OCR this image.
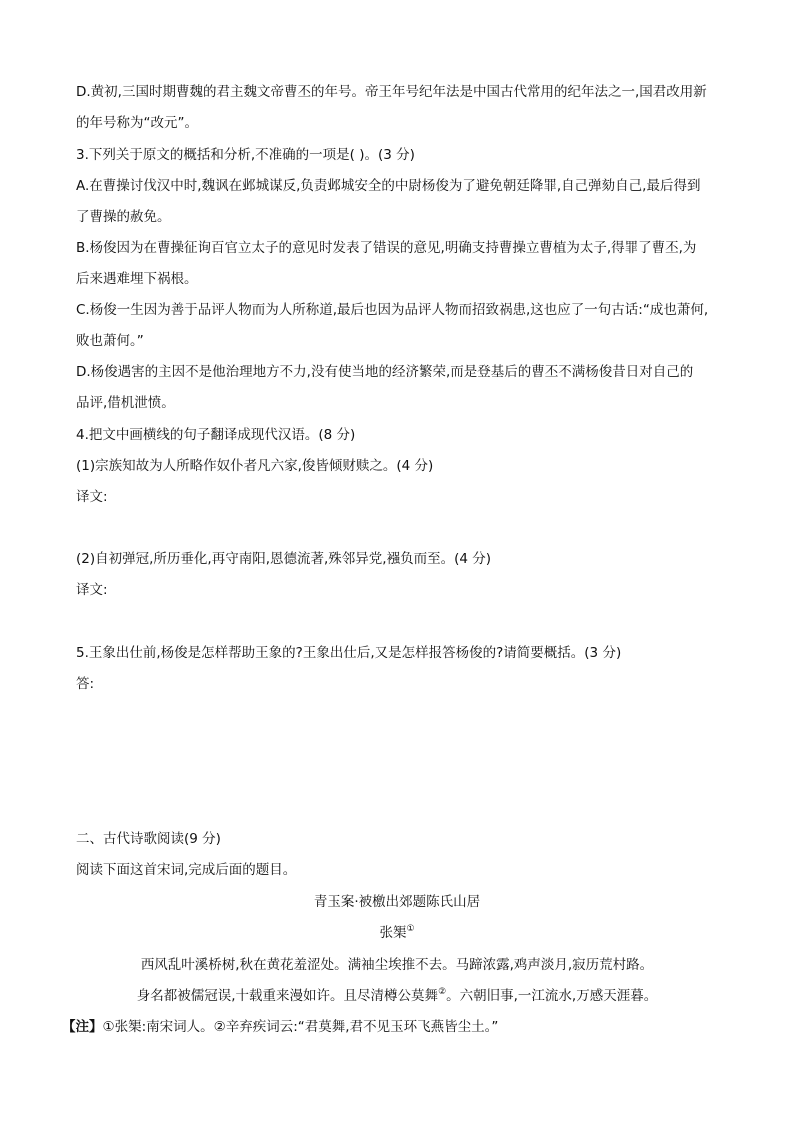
D.黄初,三国时期曹魏的君主魏文帝曹丕的年号。帝王年号纪年法是中国古代常用的纪年法之一,国君改用新
的年号称为“改元”。
3.下列关于原文的概括和分析,不准确的一项是( )。(3 分)
A.在曹操讨伐汉中时,魏讽在邺城谋反,负责邺城安全的中尉杨俊为了避免朝廷降罪,自己弹劾自己,最后得到
了曹操的赦免。
B.杨俊因为在曹操征询百官立太子的意见时发表了错误的意见,明确支持曹操立曹植为太子,得罪了曹丕,为
后来遇难埋下祸根。
C.杨俊一生因为善于品评人物而为人所称道,最后也因为品评人物而招致祸患,这也应了一句古话:“成也萧何,
败也萧何。”
D.杨俊遇害的主因不是他治理地方不力,没有使当地的经济繁荣,而是登基后的曹丕不满杨俊昔日对自己的
品评,借机泄愤。
4.把文中画横线的句子翻译成现代汉语。(8 分)
(1)宗族知故为人所略作奴仆者凡六家,俊皆倾财赎之。(4 分)
译文:
(2)自初弹冠,所历垂化,再守南阳,恩德流著,殊邻异党,襁负而至。(4 分)
译文:
5.王象出仕前,杨俊是怎样帮助王象的?王象出仕后,又是怎样报答杨俊的?请简要概括。(3 分)
答:
二、古代诗歌阅读(9 分)
阅读下面这首宋词,完成后面的题目。
青玉案·被檄出郊题陈氏山居
张榘①
西风乱叶溪桥树,秋在黄花羞涩处。满袖尘埃推不去。马蹄浓露,鸡声淡月,寂历荒村路。
身名都被儒冠误,十载重来漫如许。且尽清樽公莫舞②。六朝旧事,一江流水,万感天涯暮。
【注】①张榘:南宋词人。②辛弃疾词云:“君莫舞,君不见玉环飞燕皆尘土。”
